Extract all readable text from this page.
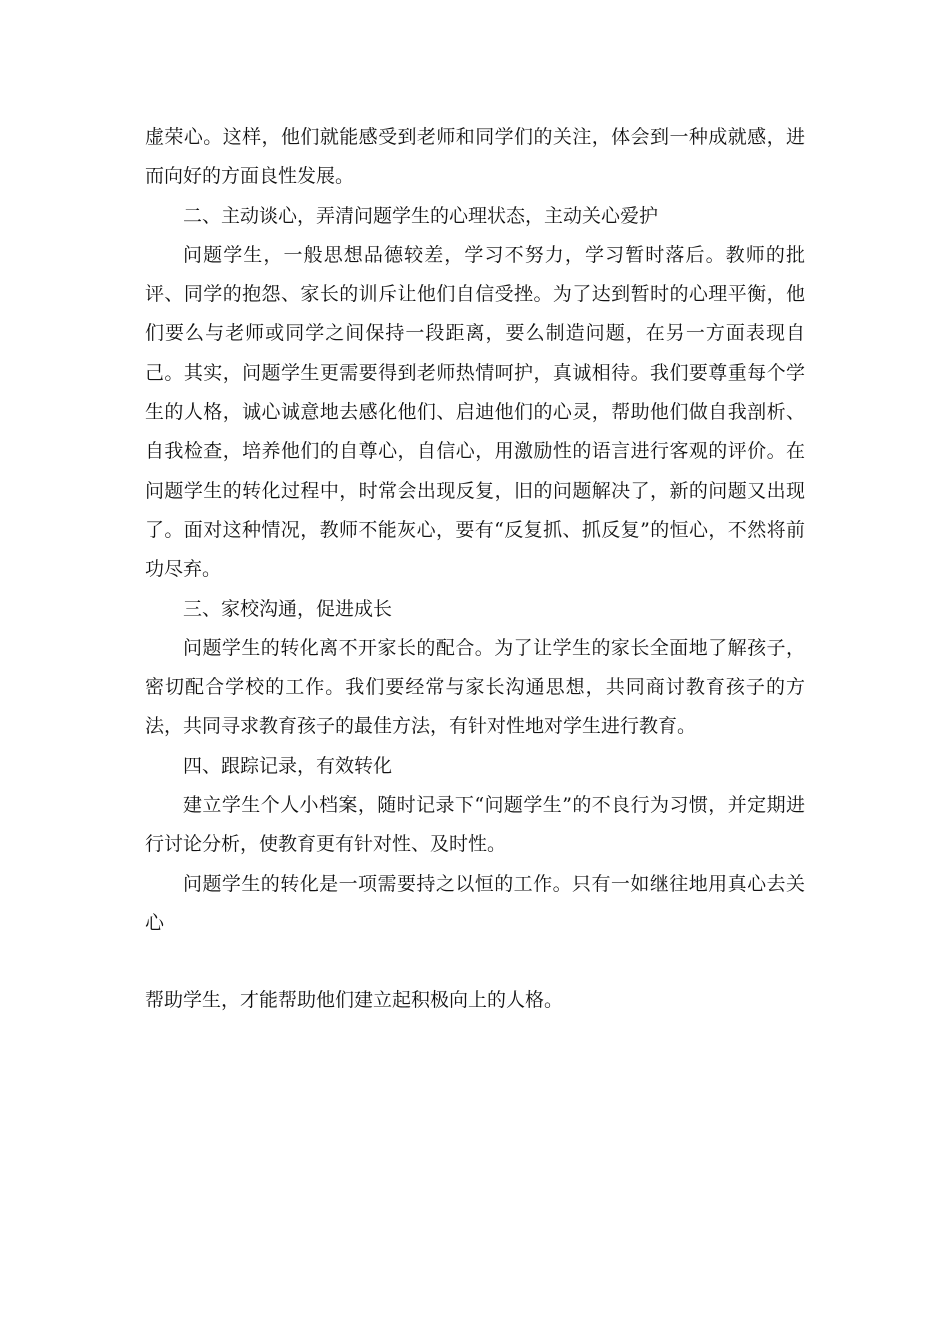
虚荣心。这样，他们就能感受到老师和同学们的关注，体会到一种成就感，进而向好的方面良性发展。

二、主动谈心，弄清问题学生的心理状态，主动关心爱护

问题学生，一般思想品德较差，学习不努力，学习暂时落后。教师的批评、同学的抱怨、家长的训斥让他们自信受挫。为了达到暂时的心理平衡，他们要么与老师或同学之间保持一段距离，要么制造问题，在另一方面表现自己。其实，问题学生更需要得到老师热情呵护，真诚相待。我们要尊重每个学生的人格，诚心诚意地去感化他们、启迪他们的心灵，帮助他们做自我剖析、自我检查，培养他们的自尊心，自信心，用激励性的语言进行客观的评价。在问题学生的转化过程中，时常会出现反复，旧的问题解决了，新的问题又出现了。面对这种情况，教师不能灰心，要有“反复抓、抓反复”的恒心，不然将前功尽弃。

三、家校沟通，促进成长

问题学生的转化离不开家长的配合。为了让学生的家长全面地了解孩子，密切配合学校的工作。我们要经常与家长沟通思想，共同商讨教育孩子的方法，共同寻求教育孩子的最佳方法，有针对性地对学生进行教育。

四、跟踪记录，有效转化

建立学生个人小档案，随时记录下“问题学生”的不良行为习惯，并定期进行讨论分析，使教育更有针对性、及时性。

问题学生的转化是一项需要持之以恒的工作。只有一如继往地用真心去关心

帮助学生，才能帮助他们建立起积极向上的人格。
